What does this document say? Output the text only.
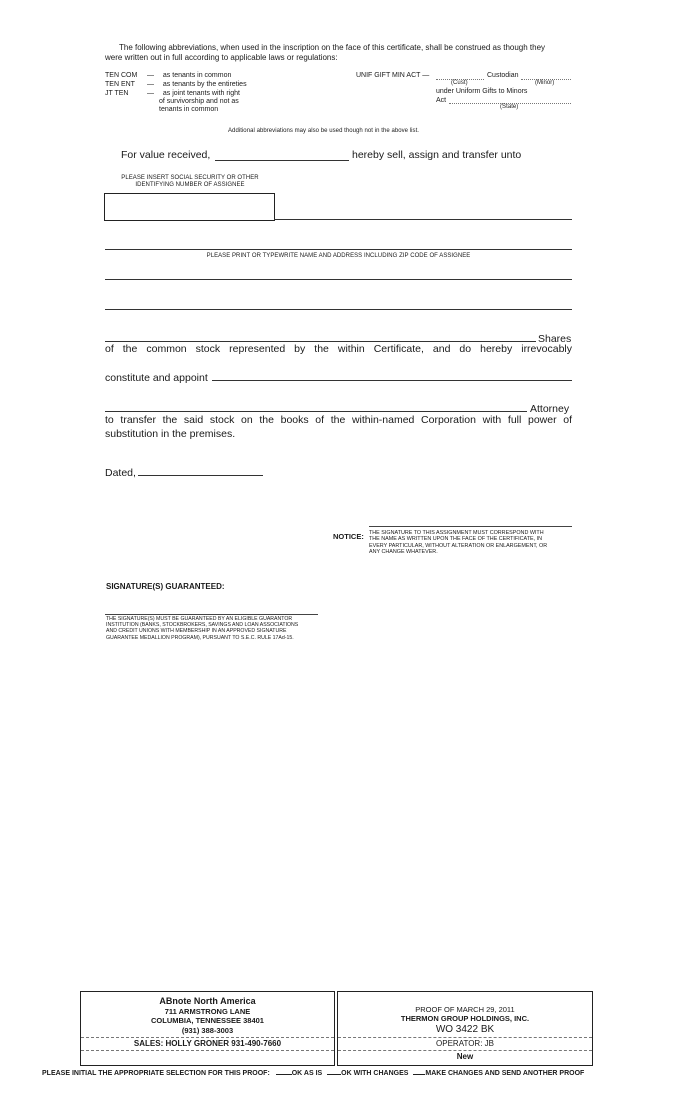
The following abbreviations, when used in the inscription on the face of this certificate, shall be construed as though they
were written out in full according to applicable laws or regulations:
TEN COM — as tenants in common
TEN ENT — as tenants by the entireties
JT TEN	— as joint tenants with right
of survivorship and not as
tenants in common
UNIF GIFT MIN ACT —	Custodian
(Cust)	(Minor)
under Uniform Gifts to Minors
Act
(State)
Additional abbreviations may also be used though not in the above list.
For value received,	hereby sell, assign and transfer unto
PLEASE INSERT SOCIAL SECURITY OR OTHER
IDENTIFYING NUMBER OF ASSIGNEE
PLEASE PRINT OR TYPEWRITE NAME AND ADDRESS INCLUDING ZIP CODE OF ASSIGNEE
Shares
of the common stock represented by the within Certificate, and do hereby irrevocably
constitute and appoint
Attorney
to transfer the said stock on the books of the within-named Corporation with full power of
substitution in the premises.
Dated,
NOTICE: THE SIGNATURE TO THIS ASSIGNMENT MUST CORRESPOND WITH
THE NAME AS WRITTEN UPON THE FACE OF THE CERTIFICATE, IN
EVERY PARTICULAR, WITHOUT ALTERATION OR ENLARGEMENT, OR
ANY CHANGE WHATEVER.
SIGNATURE(S) GUARANTEED:
THE SIGNATURE(S) MUST BE GUARANTEED BY AN ELIGIBLE GUARANTOR
INSTITUTION (BANKS, STOCKBROKERS, SAVINGS AND LOAN ASSOCIATIONS
AND CREDIT UNIONS WITH MEMBERSHIP IN AN APPROVED SIGNATURE
GUARANTEE MEDALLION PROGRAM), PURSUANT TO S.E.C. RULE 17Ad-15.
ABnote North America
711 ARMSTRONG LANE
COLUMBIA, TENNESSEE 38401
(931) 388-3003
SALES: HOLLY GRONER 931-490-7660
PROOF OF MARCH 29, 2011
THERMON GROUP HOLDINGS, INC.
WO 3422 BK
OPERATOR: JB
New
PLEASE INITIAL THE APPROPRIATE SELECTION FOR THIS PROOF:	OK AS IS	OK WITH CHANGES MAKE CHANGES AND SEND ANOTHER PROOF
